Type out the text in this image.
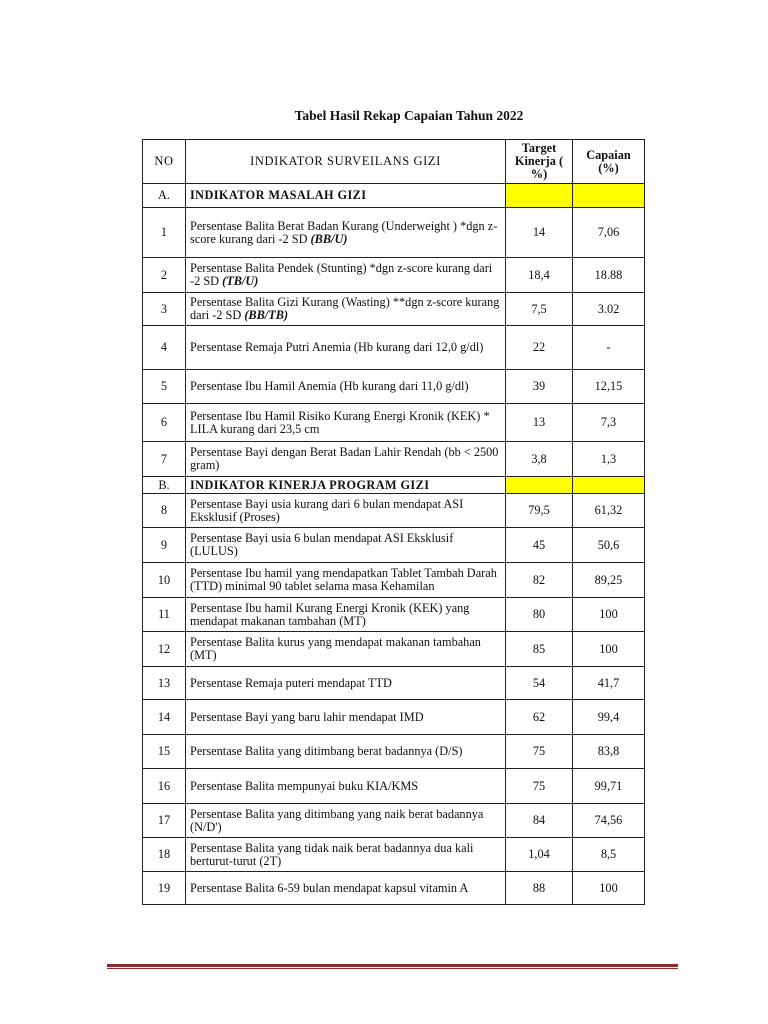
Tabel Hasil Rekap Capaian Tahun 2022
NO	INDIKATOR SURVEILANS GIZI	Target Kinerja ( %)	Capaian (%)
A.	INDIKATOR MASALAH GIZI		
1	Persentase Balita Berat Badan Kurang (Underweight ) *dgn z-score kurang dari -2 SD (BB/U)	14	7,06
2	Persentase Balita Pendek (Stunting) *dgn z-score kurang dari -2 SD (TB/U)	18,4	18.88
3	Persentase Balita Gizi Kurang (Wasting) **dgn z-score kurang dari -2 SD (BB/TB)	7,5	3.02
4	Persentase Remaja Putri Anemia (Hb kurang dari 12,0 g/dl)	22	-
5	Persentase Ibu Hamil Anemia (Hb kurang dari 11,0 g/dl)	39	12,15
6	Persentase Ibu Hamil Risiko Kurang Energi Kronik (KEK) * LILA kurang dari 23,5 cm	13	7,3
7	Persentase Bayi dengan Berat Badan Lahir Rendah (bb < 2500 gram)	3,8	1,3
B.	INDIKATOR KINERJA PROGRAM GIZI		
8	Persentase Bayi usia kurang dari 6 bulan mendapat ASI Eksklusif (Proses)	79,5	61,32
9	Persentase Bayi usia 6 bulan mendapat ASI Eksklusif (LULUS)	45	50,6
10	Persentase Ibu hamil yang mendapatkan Tablet Tambah Darah (TTD) minimal 90 tablet selama masa Kehamilan	82	89,25
11	Persentase Ibu hamil Kurang Energi Kronik (KEK) yang mendapat makanan tambahan (MT)	80	100
12	Persentase Balita kurus yang mendapat makanan tambahan (MT)	85	100
13	Persentase Remaja puteri mendapat TTD	54	41,7
14	Persentase Bayi yang baru lahir mendapat IMD	62	99,4
15	Persentase Balita yang ditimbang berat badannya (D/S)	75	83,8
16	Persentase Balita mempunyai buku KIA/KMS	75	99,71
17	Persentase Balita yang ditimbang yang naik berat badannya (N/D')	84	74,56
18	Persentase Balita yang tidak naik berat badannya dua kali berturut-turut (2T)	1,04	8,5
19	Persentase Balita 6-59 bulan mendapat kapsul vitamin A	88	100
